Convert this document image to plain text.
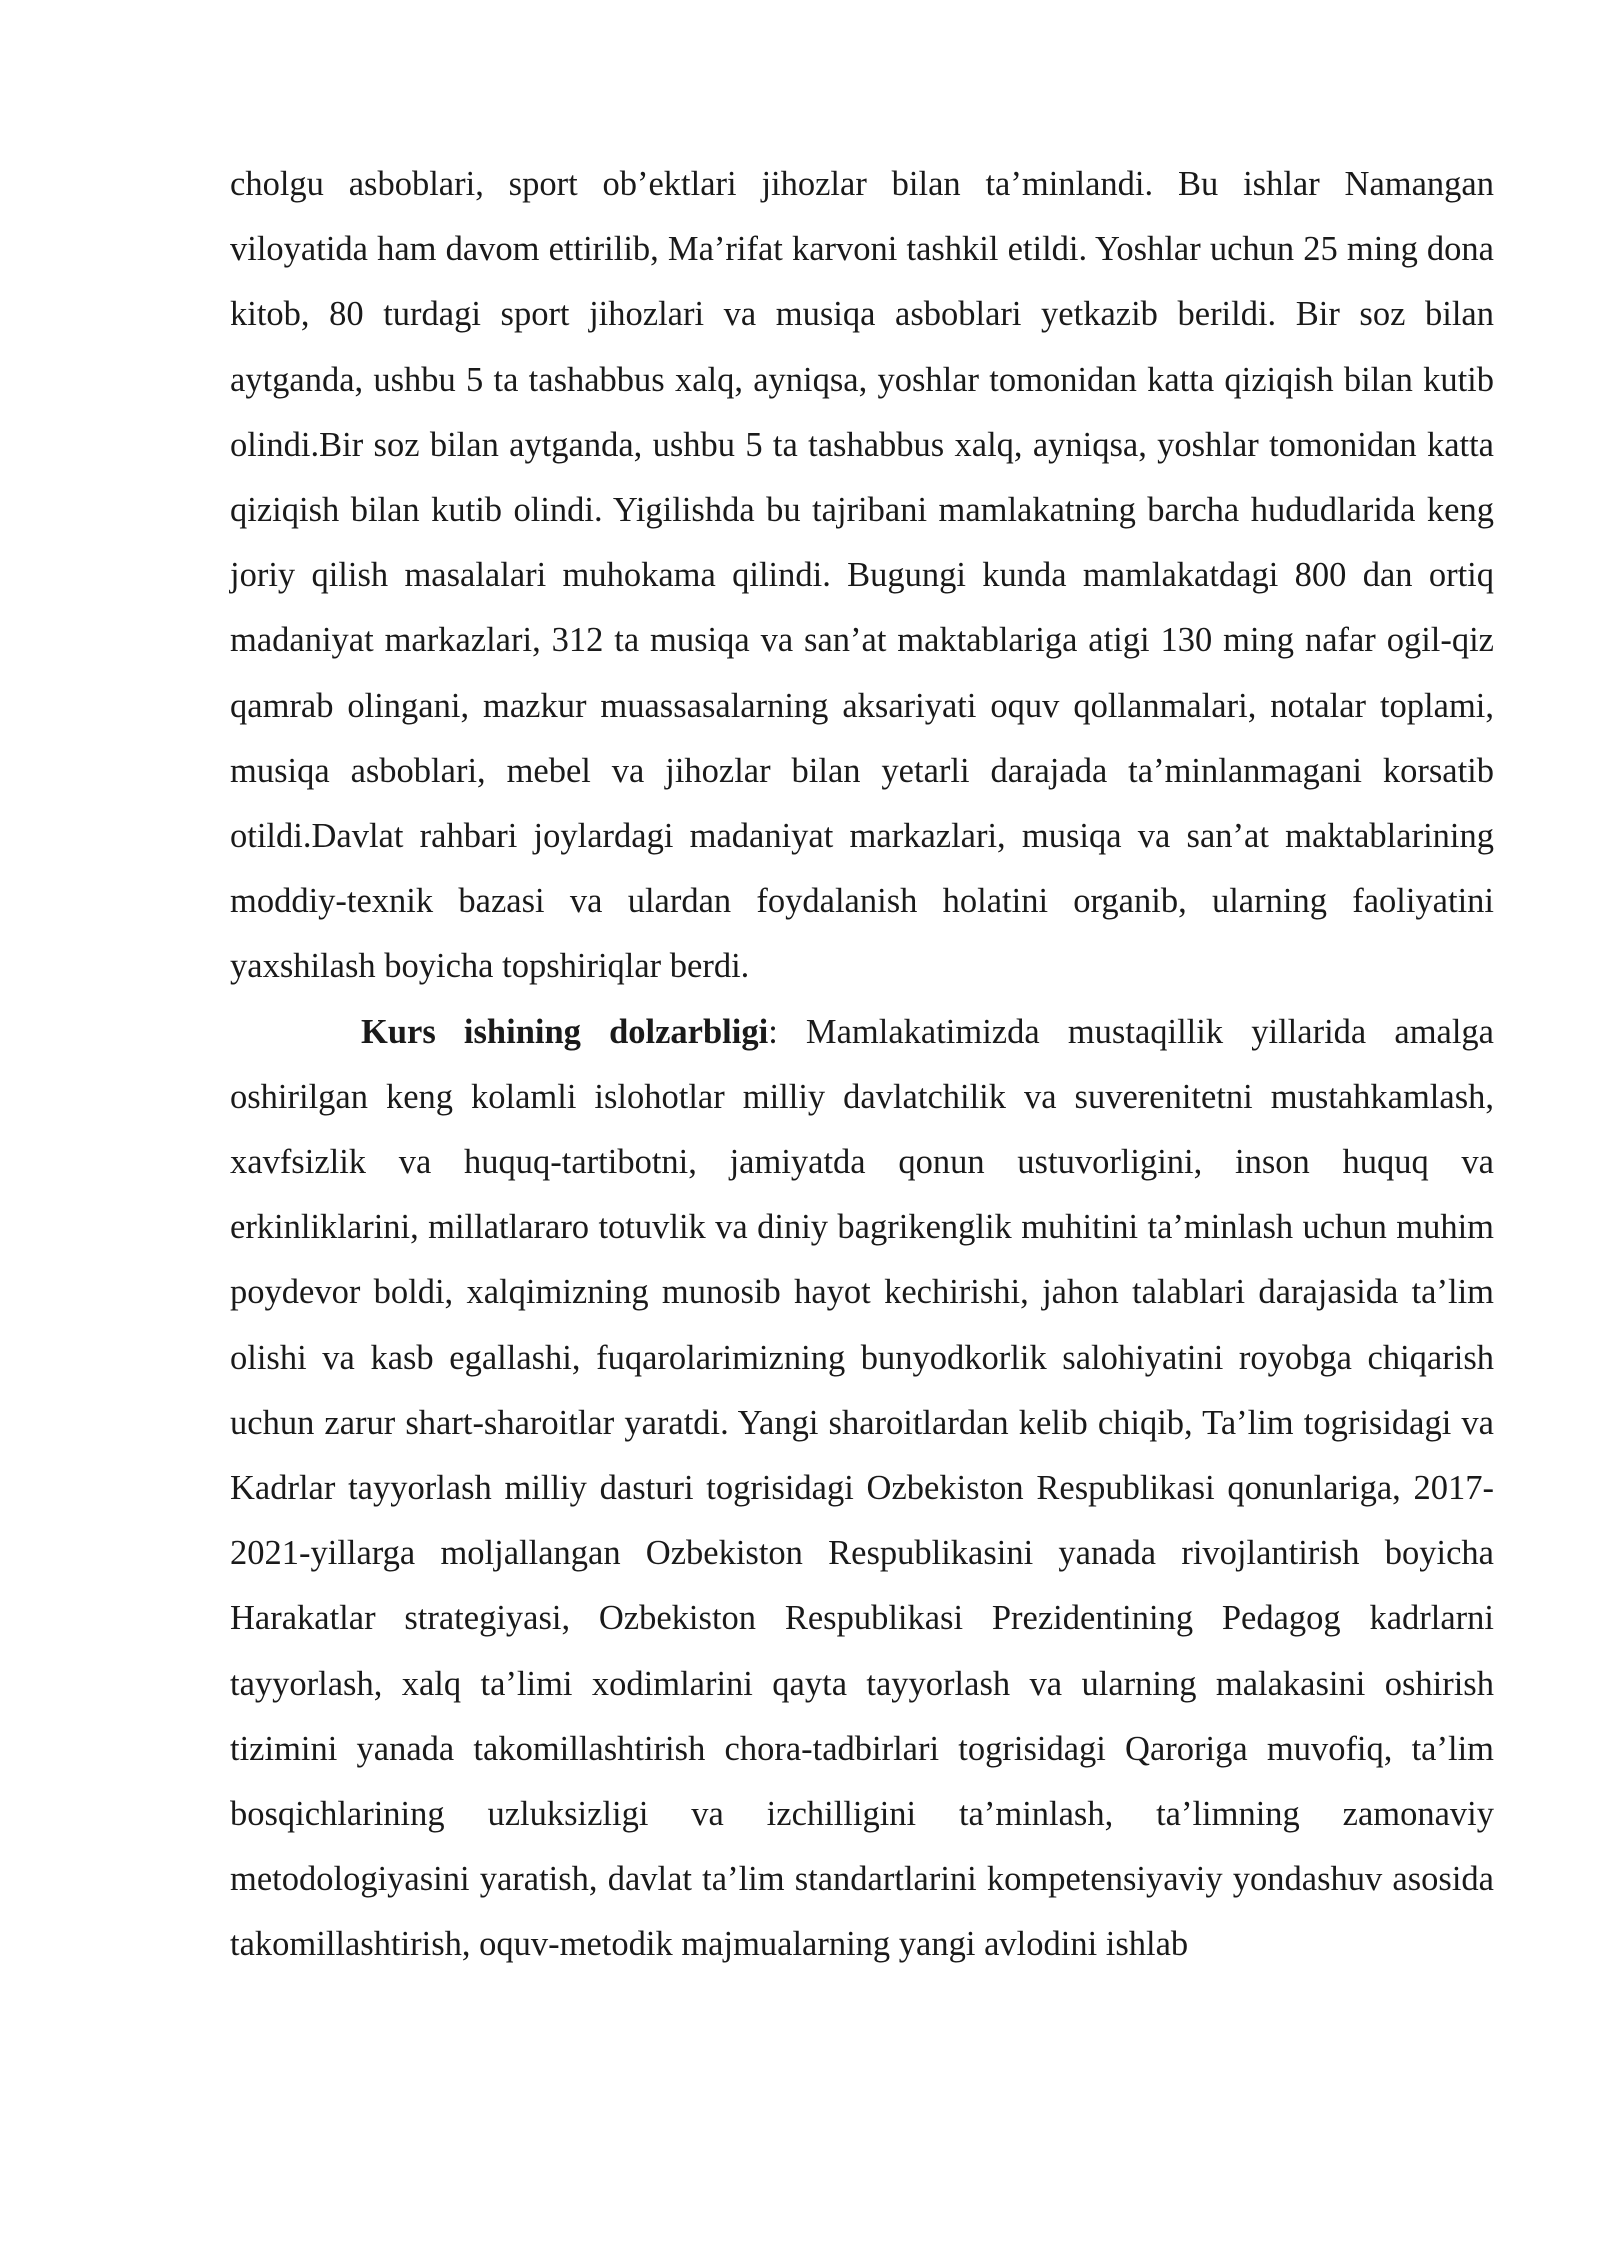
cholgu asboblari, sport ob’ektlari jihozlar bilan ta’minlandi. Bu ishlar Namangan viloyatida ham davom ettirilib, Ma’rifat karvoni tashkil etildi. Yoshlar uchun 25 ming dona kitob, 80 turdagi sport jihozlari va musiqa asboblari yetkazib berildi. Bir soz bilan aytganda, ushbu 5 ta tashabbus xalq, ayniqsa, yoshlar tomonidan katta qiziqish bilan kutib olindi.Bir soz bilan aytganda, ushbu 5 ta tashabbus xalq, ayniqsa, yoshlar tomonidan katta qiziqish bilan kutib olindi. Yigilishda bu tajribani mamlakatning barcha hududlarida keng joriy qilish masalalari muhokama qilindi. Bugungi kunda mamlakatdagi 800 dan ortiq madaniyat markazlari, 312 ta musiqa va san’at maktablariga atigi 130 ming nafar ogil-qiz qamrab olingani, mazkur muassasalarning aksariyati oquv qollanmalari, notalar toplami, musiqa asboblari, mebel va jihozlar bilan yetarli darajada ta’minlanmagani korsatib otildi.Davlat rahbari joylardagi madaniyat markazlari, musiqa va san’at maktablarining moddiy-texnik bazasi va ulardan foydalanish holatini organib, ularning faoliyatini yaxshilash boyicha topshiriqlar berdi.

Kurs ishining dolzarbligi: Mamlakatimizda mustaqillik yillarida amalga oshirilgan keng kolamli islohotlar milliy davlatchilik va suverenitetni mustahkamlash, xavfsizlik va huquq-tartibotni, jamiyatda qonun ustuvorligini, inson huquq va erkinliklarini, millatlararo totuvlik va diniy bagrikenglik muhitini ta’minlash uchun muhim poydevor boldi, xalqimizning munosib hayot kechirishi, jahon talablari darajasida ta’lim olishi va kasb egallashi, fuqarolarimizning bunyodkorlik salohiyatini royobga chiqarish uchun zarur shart-sharoitlar yaratdi. Yangi sharoitlardan kelib chiqib, Ta’lim togrisidagi va Kadrlar tayyorlash milliy dasturi togrisidagi Ozbekiston Respublikasi qonunlariga, 2017-2021-yillarga moljallangan Ozbekiston Respublikasini yanada rivojlantirish boyicha Harakatlar strategiyasi, Ozbekiston Respublikasi Prezidentining Pedagog kadrlarni tayyorlash, xalq ta’limi xodimlarini qayta tayyorlash va ularning malakasini oshirish tizimini yanada takomillashtirish chora-tadbirlari togrisidagi Qaroriga muvofiq, ta’lim bosqichlarining uzluksizligi va izchilligini ta’minlash, ta’limning zamonaviy metodologiyasini yaratish, davlat ta’lim standartlarini kompetensiyaviy yondashuv asosida takomillashtirish, oquv-metodik majmualarning yangi avlodini ishlab
